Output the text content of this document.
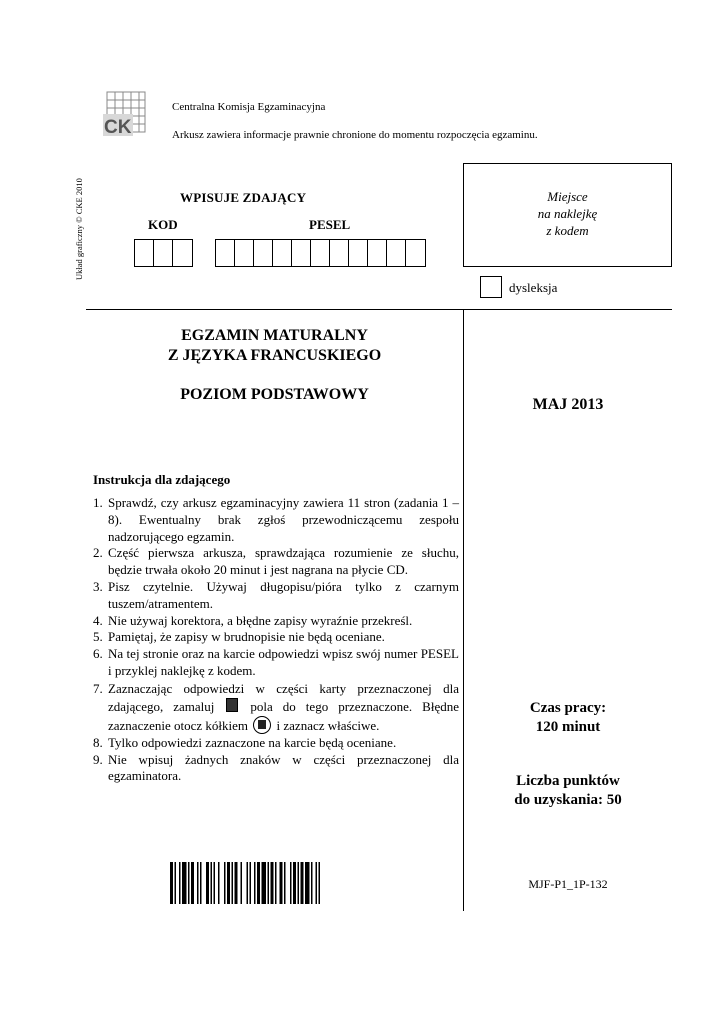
CK
Centralna Komisja Egzaminacyjna
Arkusz zawiera informacje prawnie chronione do momentu rozpoczęcia egzaminu.
Układ graficzny © CKE 2010	WPISUJE ZDAJĄCY
KOD	PESEL
Miejsce
na naklejkę
z kodem
dysleksja
EGZAMIN MATURALNY
Z JĘZYKA FRANCUSKIEGO
POZIOM PODSTAWOWY
MAJ 2013
Instrukcja dla zdającego
1. Sprawdź, czy arkusz egzaminacyjny zawiera 11 stron (zadania 1 – 8). Ewentualny brak zgłoś przewodniczącemu zespołu nadzorującego egzamin.
2. Część pierwsza arkusza, sprawdzająca rozumienie ze słuchu, będzie trwała około 20 minut i jest nagrana na płycie CD.
3. Pisz czytelnie. Używaj długopisu/pióra tylko z czarnym tuszem/atramentem.
4. Nie używaj korektora, a błędne zapisy wyraźnie przekreśl.
5. Pamiętaj, że zapisy w brudnopisie nie będą oceniane.
6. Na tej stronie oraz na karcie odpowiedzi wpisz swój numer PESEL i przyklej naklejkę z kodem.
7. Zaznaczając odpowiedzi w części karty przeznaczonej dla zdającego, zamaluj	pola do tego przeznaczone. Błędne zaznaczenie otocz kółkiem i zaznacz właściwe.
8. Tylko odpowiedzi zaznaczone na karcie będą oceniane.
9. Nie wpisuj żadnych znaków w części przeznaczonej dla egzaminatora.
Czas pracy:
120 minut
Liczba punktów
do uzyskania: 50
MJF-P1_1P-132
